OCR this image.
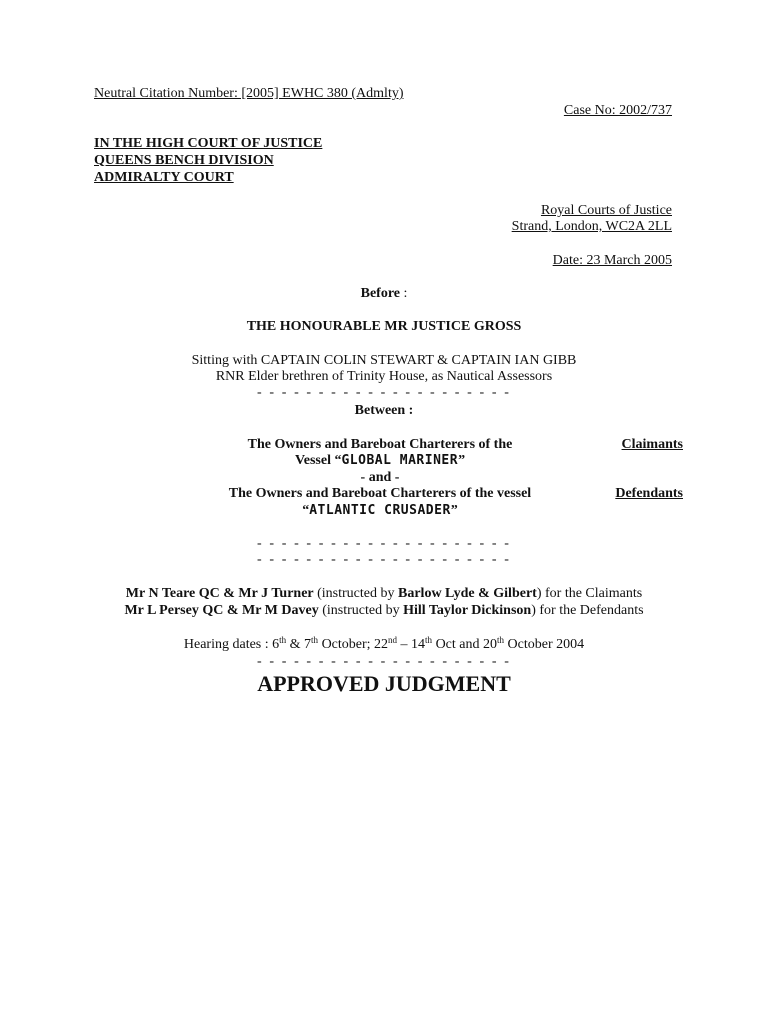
Neutral Citation Number: [2005] EWHC 380 (Admlty)
Case No: 2002/737
IN THE HIGH COURT OF JUSTICE
QUEENS BENCH DIVISION
ADMIRALTY COURT
Royal Courts of Justice
Strand, London, WC2A 2LL
Date: 23 March 2005
Before :
THE HONOURABLE MR JUSTICE GROSS
Sitting with CAPTAIN COLIN STEWART & CAPTAIN IAN GIBB
RNR Elder brethren of Trinity House, as Nautical Assessors
- - - - - - - - - - - - - - - - - - - - -
Between :
The Owners and Bareboat Charterers of the
Vessel “GLOBAL MARINER”
Claimants
- and -
The Owners and Bareboat Charterers of the vessel
“ATLANTIC CRUSADER”
Defendants
- - - - - - - - - - - - - - - - - - - - -
- - - - - - - - - - - - - - - - - - - - -
Mr N Teare QC & Mr J Turner (instructed by Barlow Lyde & Gilbert) for the Claimants
Mr L Persey QC & Mr M Davey (instructed by Hill Taylor Dickinson) for the Defendants
Hearing dates : 6th & 7th October; 22nd – 14th Oct and 20th October 2004
- - - - - - - - - - - - - - - - - - - - -
APPROVED JUDGMENT
